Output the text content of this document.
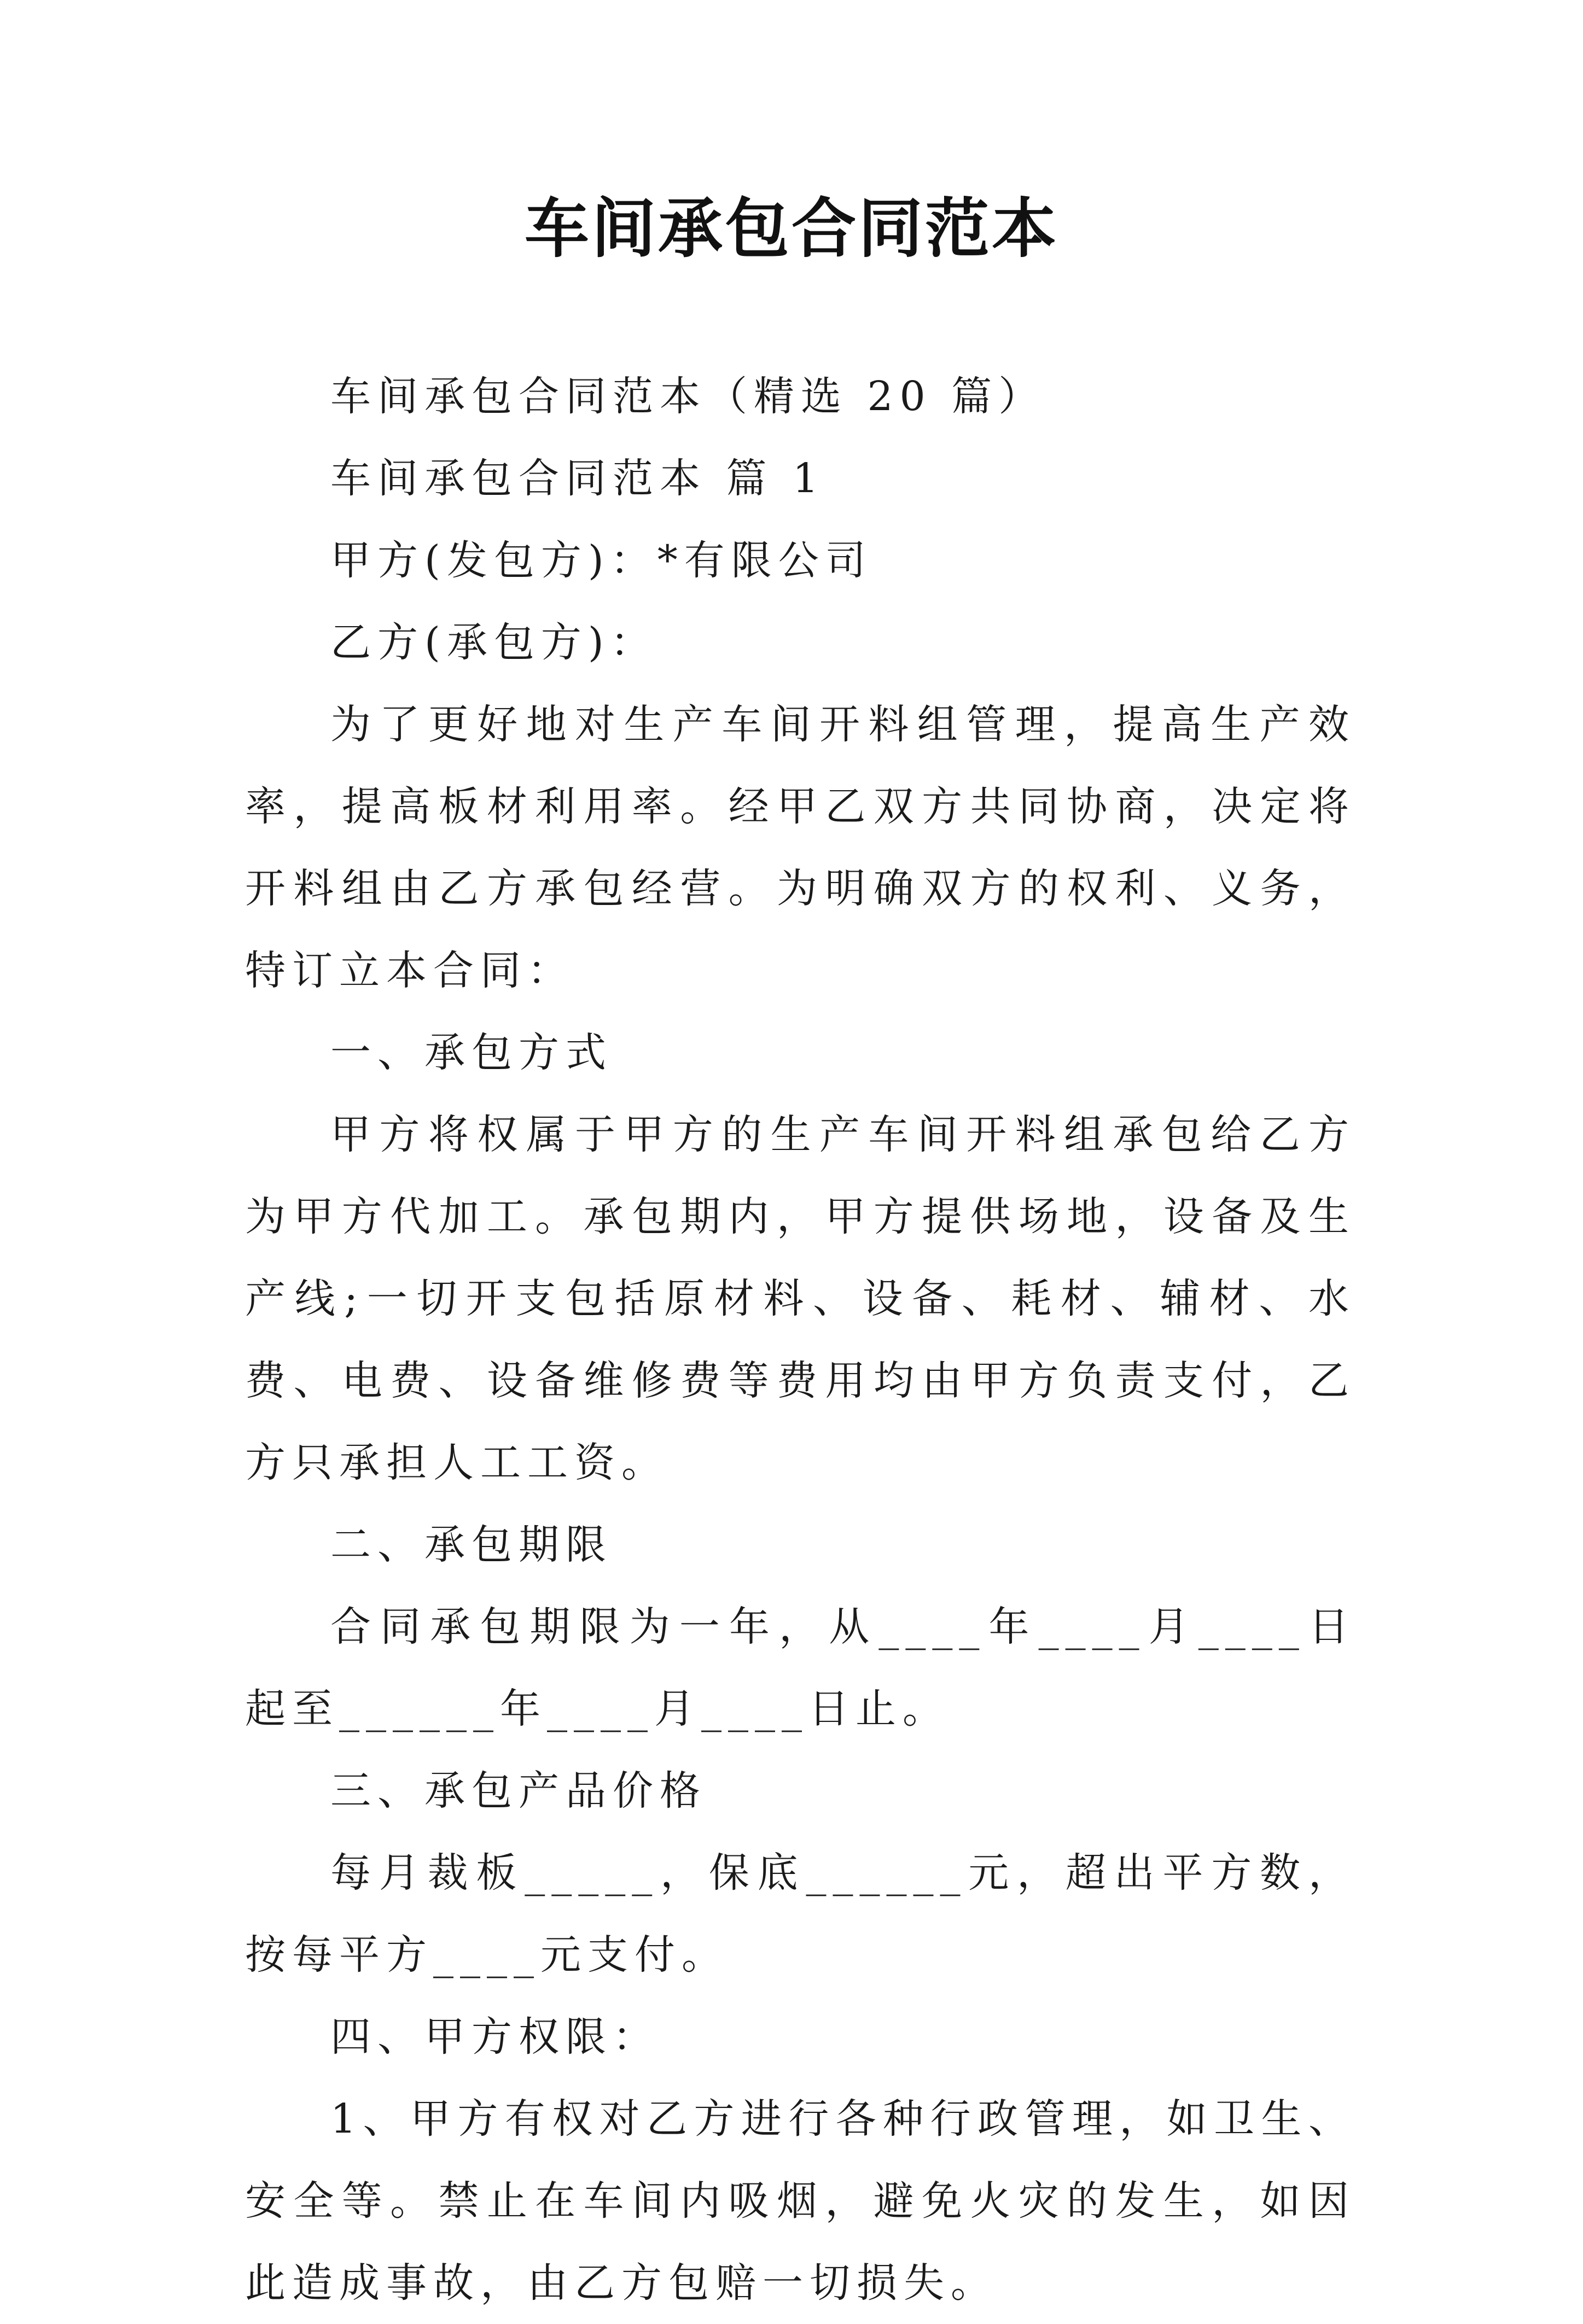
车间承包合同范本

车间承包合同范本（精选 20 篇）

车间承包合同范本 篇 1

甲方(发包方)：*有限公司

乙方(承包方)：

为了更好地对生产车间开料组管理，提高生产效率，提高板材利用率。经甲乙双方共同协商，决定将开料组由乙方承包经营。为明确双方的权利、义务，特订立本合同：

一、承包方式

甲方将权属于甲方的生产车间开料组承包给乙方为甲方代加工。承包期内，甲方提供场地，设备及生产线;一切开支包括原材料、设备、耗材、辅材、水费、电费、设备维修费等费用均由甲方负责支付，乙方只承担人工工资。

二、承包期限

合同承包期限为一年，从____年____月____日起至______年____月____日止。

三、承包产品价格

每月裁板_____，保底______元，超出平方数，按每平方____元支付。

四、甲方权限：

1、甲方有权对乙方进行各种行政管理，如卫生、安全等。禁止在车间内吸烟，避免火灾的发生，如因此造成事故，由乙方包赔一切损失。
